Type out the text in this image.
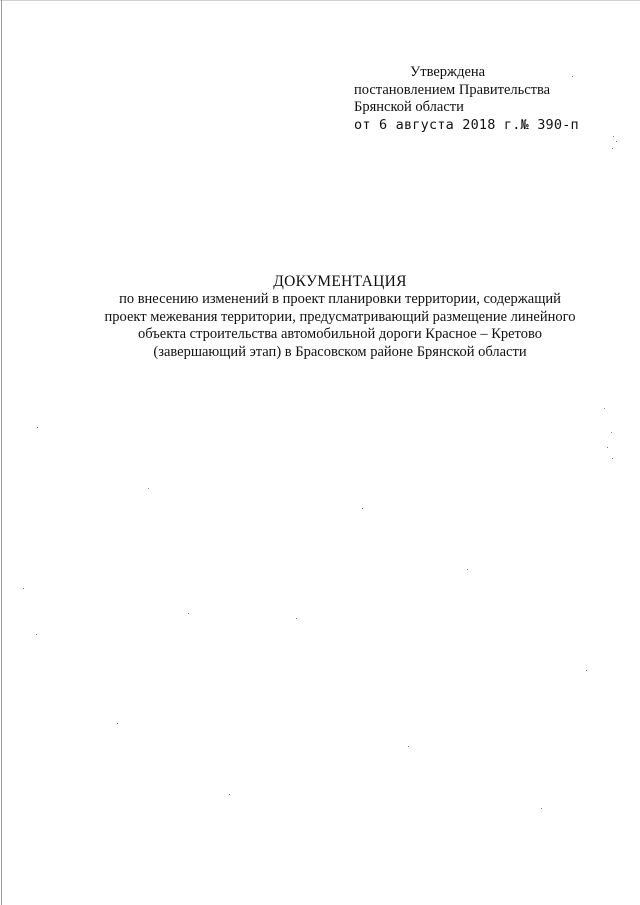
Утверждена
постановлением Правительства
Брянской области
от 6 августа 2018 г.№ 390-п
ДОКУМЕНТАЦИЯ
по внесению изменений в проект планировки территории, содержащий
проект межевания территории, предусматривающий размещение линейного
объекта строительства автомобильной дороги Красное – Кретово
(завершающий этап) в Брасовском районе Брянской области
